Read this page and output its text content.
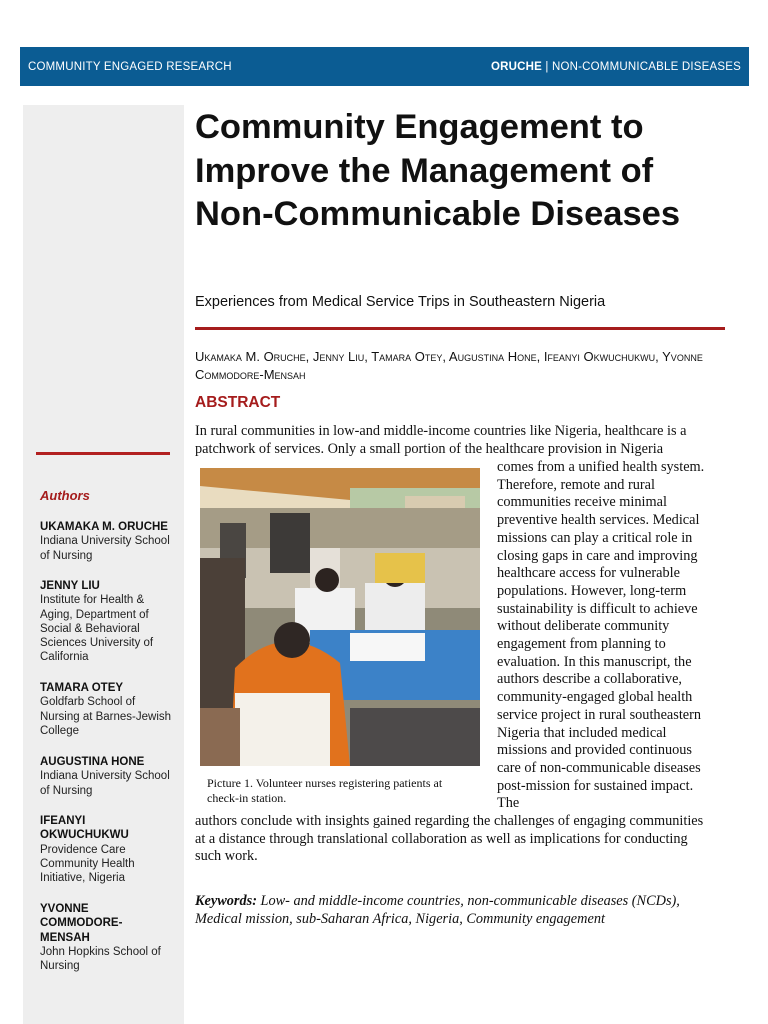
COMMUNITY ENGAGED RESEARCH	ORUCHE | NON-COMMUNICABLE DISEASES
Authors
UKAMAKA M. ORUCHE
Indiana University School of Nursing
JENNY LIU
Institute for Health & Aging, Department of Social & Behavioral Sciences University of California
TAMARA OTEY
Goldfarb School of Nursing at Barnes-Jewish College
AUGUSTINA HONE
Indiana University School of Nursing
IFEANYI OKWUCHUKWU
Providence Care Community Health Initiative, Nigeria
YVONNE COMMODORE-MENSAH
John Hopkins School of Nursing
Community Engagement to Improve the Management of Non-Communicable Diseases
Experiences from Medical Service Trips in Southeastern Nigeria
Ukamaka M. Oruche, Jenny Liu, Tamara Otey, Augustina Hone, Ifeanyi Okwuchukwu, Yvonne Commodore-Mensah
ABSTRACT

In rural communities in low-and middle-income countries like Nigeria, healthcare is a patchwork of services. Only a small portion of the healthcare provision in Nigeria

Picture 1. Volunteer nurses registering patients at check-in station.

comes from a unified health system. Therefore, remote and rural communities receive minimal preventive health services. Medical missions can play a critical role in closing gaps in care and improving healthcare access for vulnerable populations. However, long-term sustainability is difficult to achieve without deliberate community engagement from planning to evaluation. In this manuscript, the authors describe a collaborative, community-engaged global health service project in rural southeastern Nigeria that included medical missions and provided continuous care of non-communicable diseases post-mission for sustained impact. The

authors conclude with insights gained regarding the challenges of engaging communities at a distance through translational collaboration as well as implications for conducting such work.

Keywords: Low- and middle-income countries, non-communicable diseases (NCDs), Medical mission, sub-Saharan Africa, Nigeria, Community engagement
